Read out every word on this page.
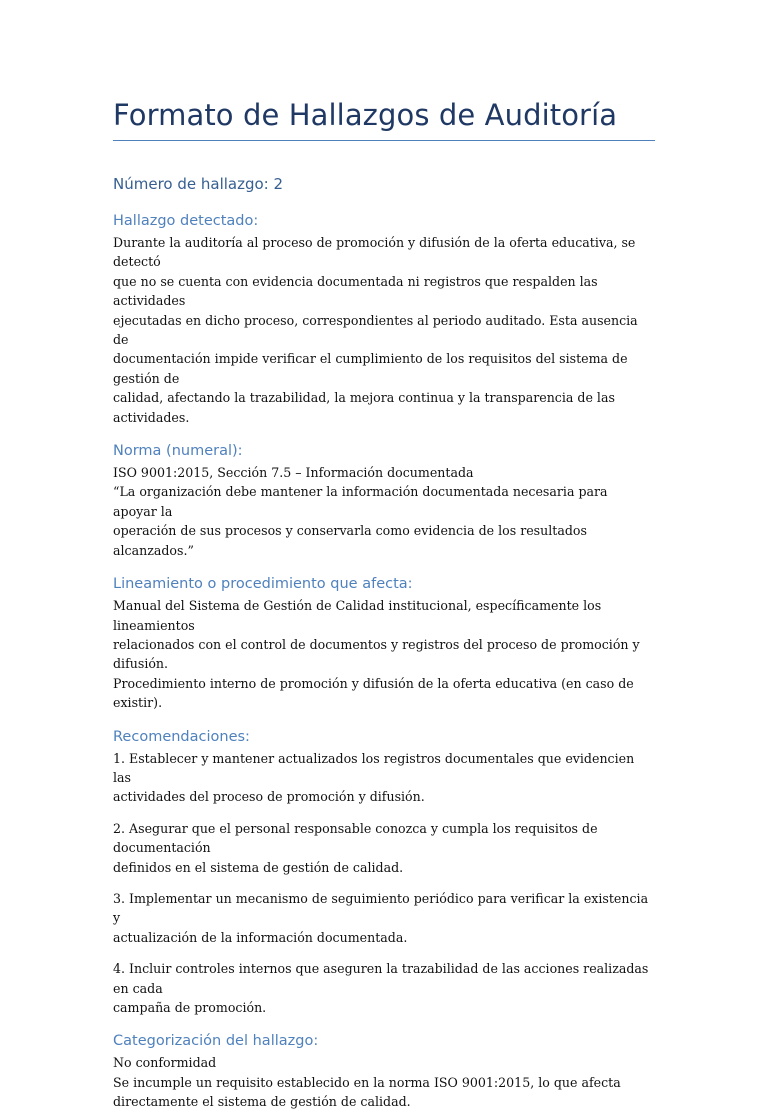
Formato de Hallazgos de Auditoría
Número de hallazgo: 2
Hallazgo detectado:

Durante la auditoría al proceso de promoción y difusión de la oferta educativa, se detectó
que no se cuenta con evidencia documentada ni registros que respalden las actividades
ejecutadas en dicho proceso, correspondientes al periodo auditado. Esta ausencia de
documentación impide verificar el cumplimiento de los requisitos del sistema de gestión de
calidad, afectando la trazabilidad, la mejora continua y la transparencia de las actividades.

Norma (numeral):

ISO 9001:2015, Sección 7.5 – Información documentada
“La organización debe mantener la información documentada necesaria para apoyar la
operación de sus procesos y conservarla como evidencia de los resultados alcanzados.”

Lineamiento o procedimiento que afecta:

Manual del Sistema de Gestión de Calidad institucional, específicamente los lineamientos
relacionados con el control de documentos y registros del proceso de promoción y difusión.
Procedimiento interno de promoción y difusión de la oferta educativa (en caso de existir).

Recomendaciones:

1. Establecer y mantener actualizados los registros documentales que evidencien las
actividades del proceso de promoción y difusión.

2. Asegurar que el personal responsable conozca y cumpla los requisitos de documentación
definidos en el sistema de gestión de calidad.

3. Implementar un mecanismo de seguimiento periódico para verificar la existencia y
actualización de la información documentada.

4. Incluir controles internos que aseguren la trazabilidad de las acciones realizadas en cada
campaña de promoción.

Categorización del hallazgo:

No conformidad
Se incumple un requisito establecido en la norma ISO 9001:2015, lo que afecta
directamente el sistema de gestión de calidad.
